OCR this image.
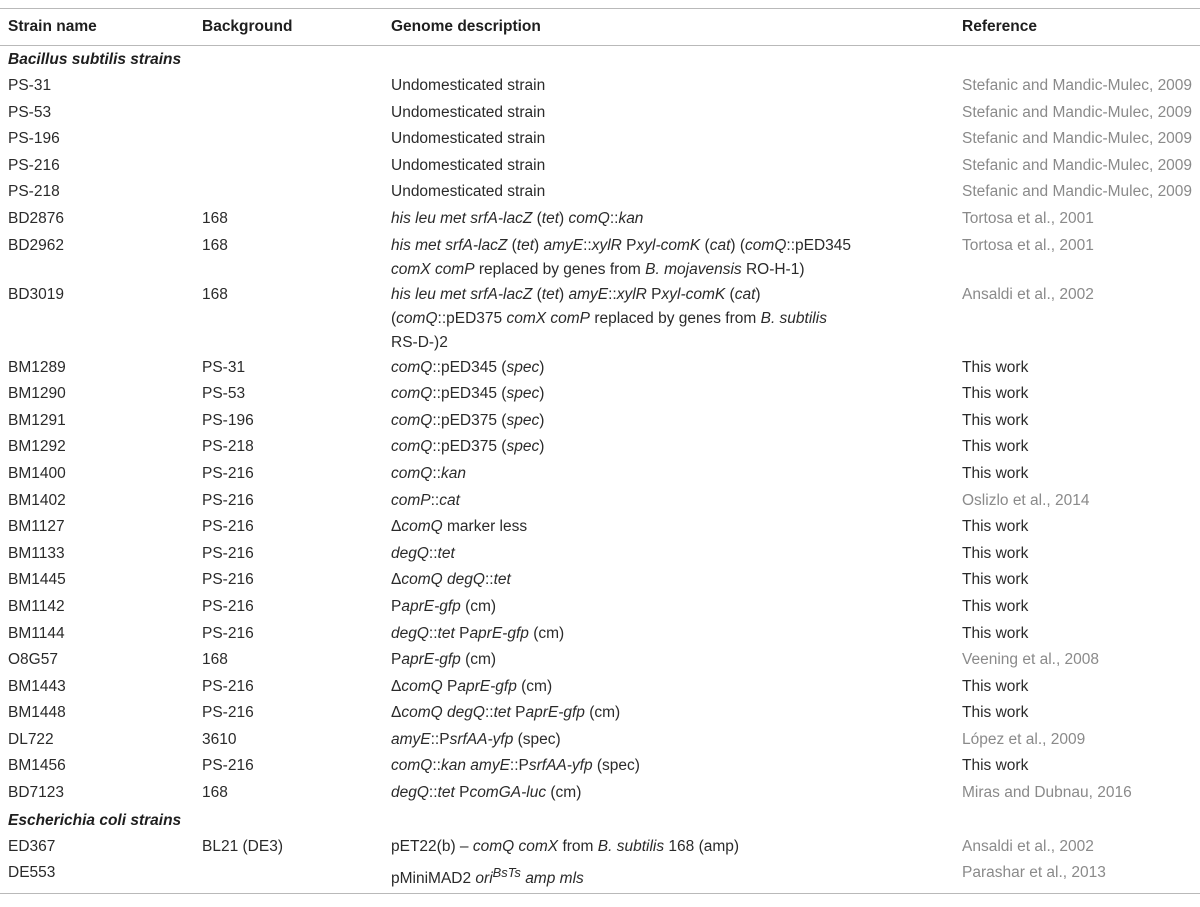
Strain name	Background	Genome description	Reference
Bacillus subtilis strains			
PS-31		Undomesticated strain	Stefanic and Mandic-Mulec, 2009
PS-53		Undomesticated strain	Stefanic and Mandic-Mulec, 2009
PS-196		Undomesticated strain	Stefanic and Mandic-Mulec, 2009
PS-216		Undomesticated strain	Stefanic and Mandic-Mulec, 2009
PS-218		Undomesticated strain	Stefanic and Mandic-Mulec, 2009
BD2876	168	his leu met srfA-lacZ (tet) comQ::kan	Tortosa et al., 2001
BD2962	168	his met srfA-lacZ (tet) amyE::xylR Pxyl-comK (cat) (comQ::pED345
comX comP replaced by genes from B. mojavensis RO-H-1)	Tortosa et al., 2001
BD3019	168	his leu met srfA-lacZ (tet) amyE::xylR Pxyl-comK (cat)
(comQ::pED375 comX comP replaced by genes from B. subtilis
RS-D-)2	Ansaldi et al., 2002
BM1289	PS-31	comQ::pED345 (spec)	This work
BM1290	PS-53	comQ::pED345 (spec)	This work
BM1291	PS-196	comQ::pED375 (spec)	This work
BM1292	PS-218	comQ::pED375 (spec)	This work
BM1400	PS-216	comQ::kan	This work
BM1402	PS-216	comP::cat	Oslizlo et al., 2014
BM1127	PS-216	ΔcomQ marker less	This work
BM1133	PS-216	degQ::tet	This work
BM1445	PS-216	ΔcomQ degQ::tet	This work
BM1142	PS-216	PaprE-gfp (cm)	This work
BM1144	PS-216	degQ::tet PaprE-gfp (cm)	This work
O8G57	168	PaprE-gfp (cm)	Veening et al., 2008
BM1443	PS-216	ΔcomQ PaprE-gfp (cm)	This work
BM1448	PS-216	ΔcomQ degQ::tet PaprE-gfp (cm)	This work
DL722	3610	amyE::PsrfAA-yfp (spec)	López et al., 2009
BM1456	PS-216	comQ::kan amyE::PsrfAA-yfp (spec)	This work
BD7123	168	degQ::tet PcomGA-luc (cm)	Miras and Dubnau, 2016
Escherichia coli strains			
ED367	BL21 (DE3)	pET22(b) – comQ comX from B. subtilis 168 (amp)	Ansaldi et al., 2002
DE553		pMiniMAD2 ori$^{BsTs}$ amp mls	Parashar et al., 2013
